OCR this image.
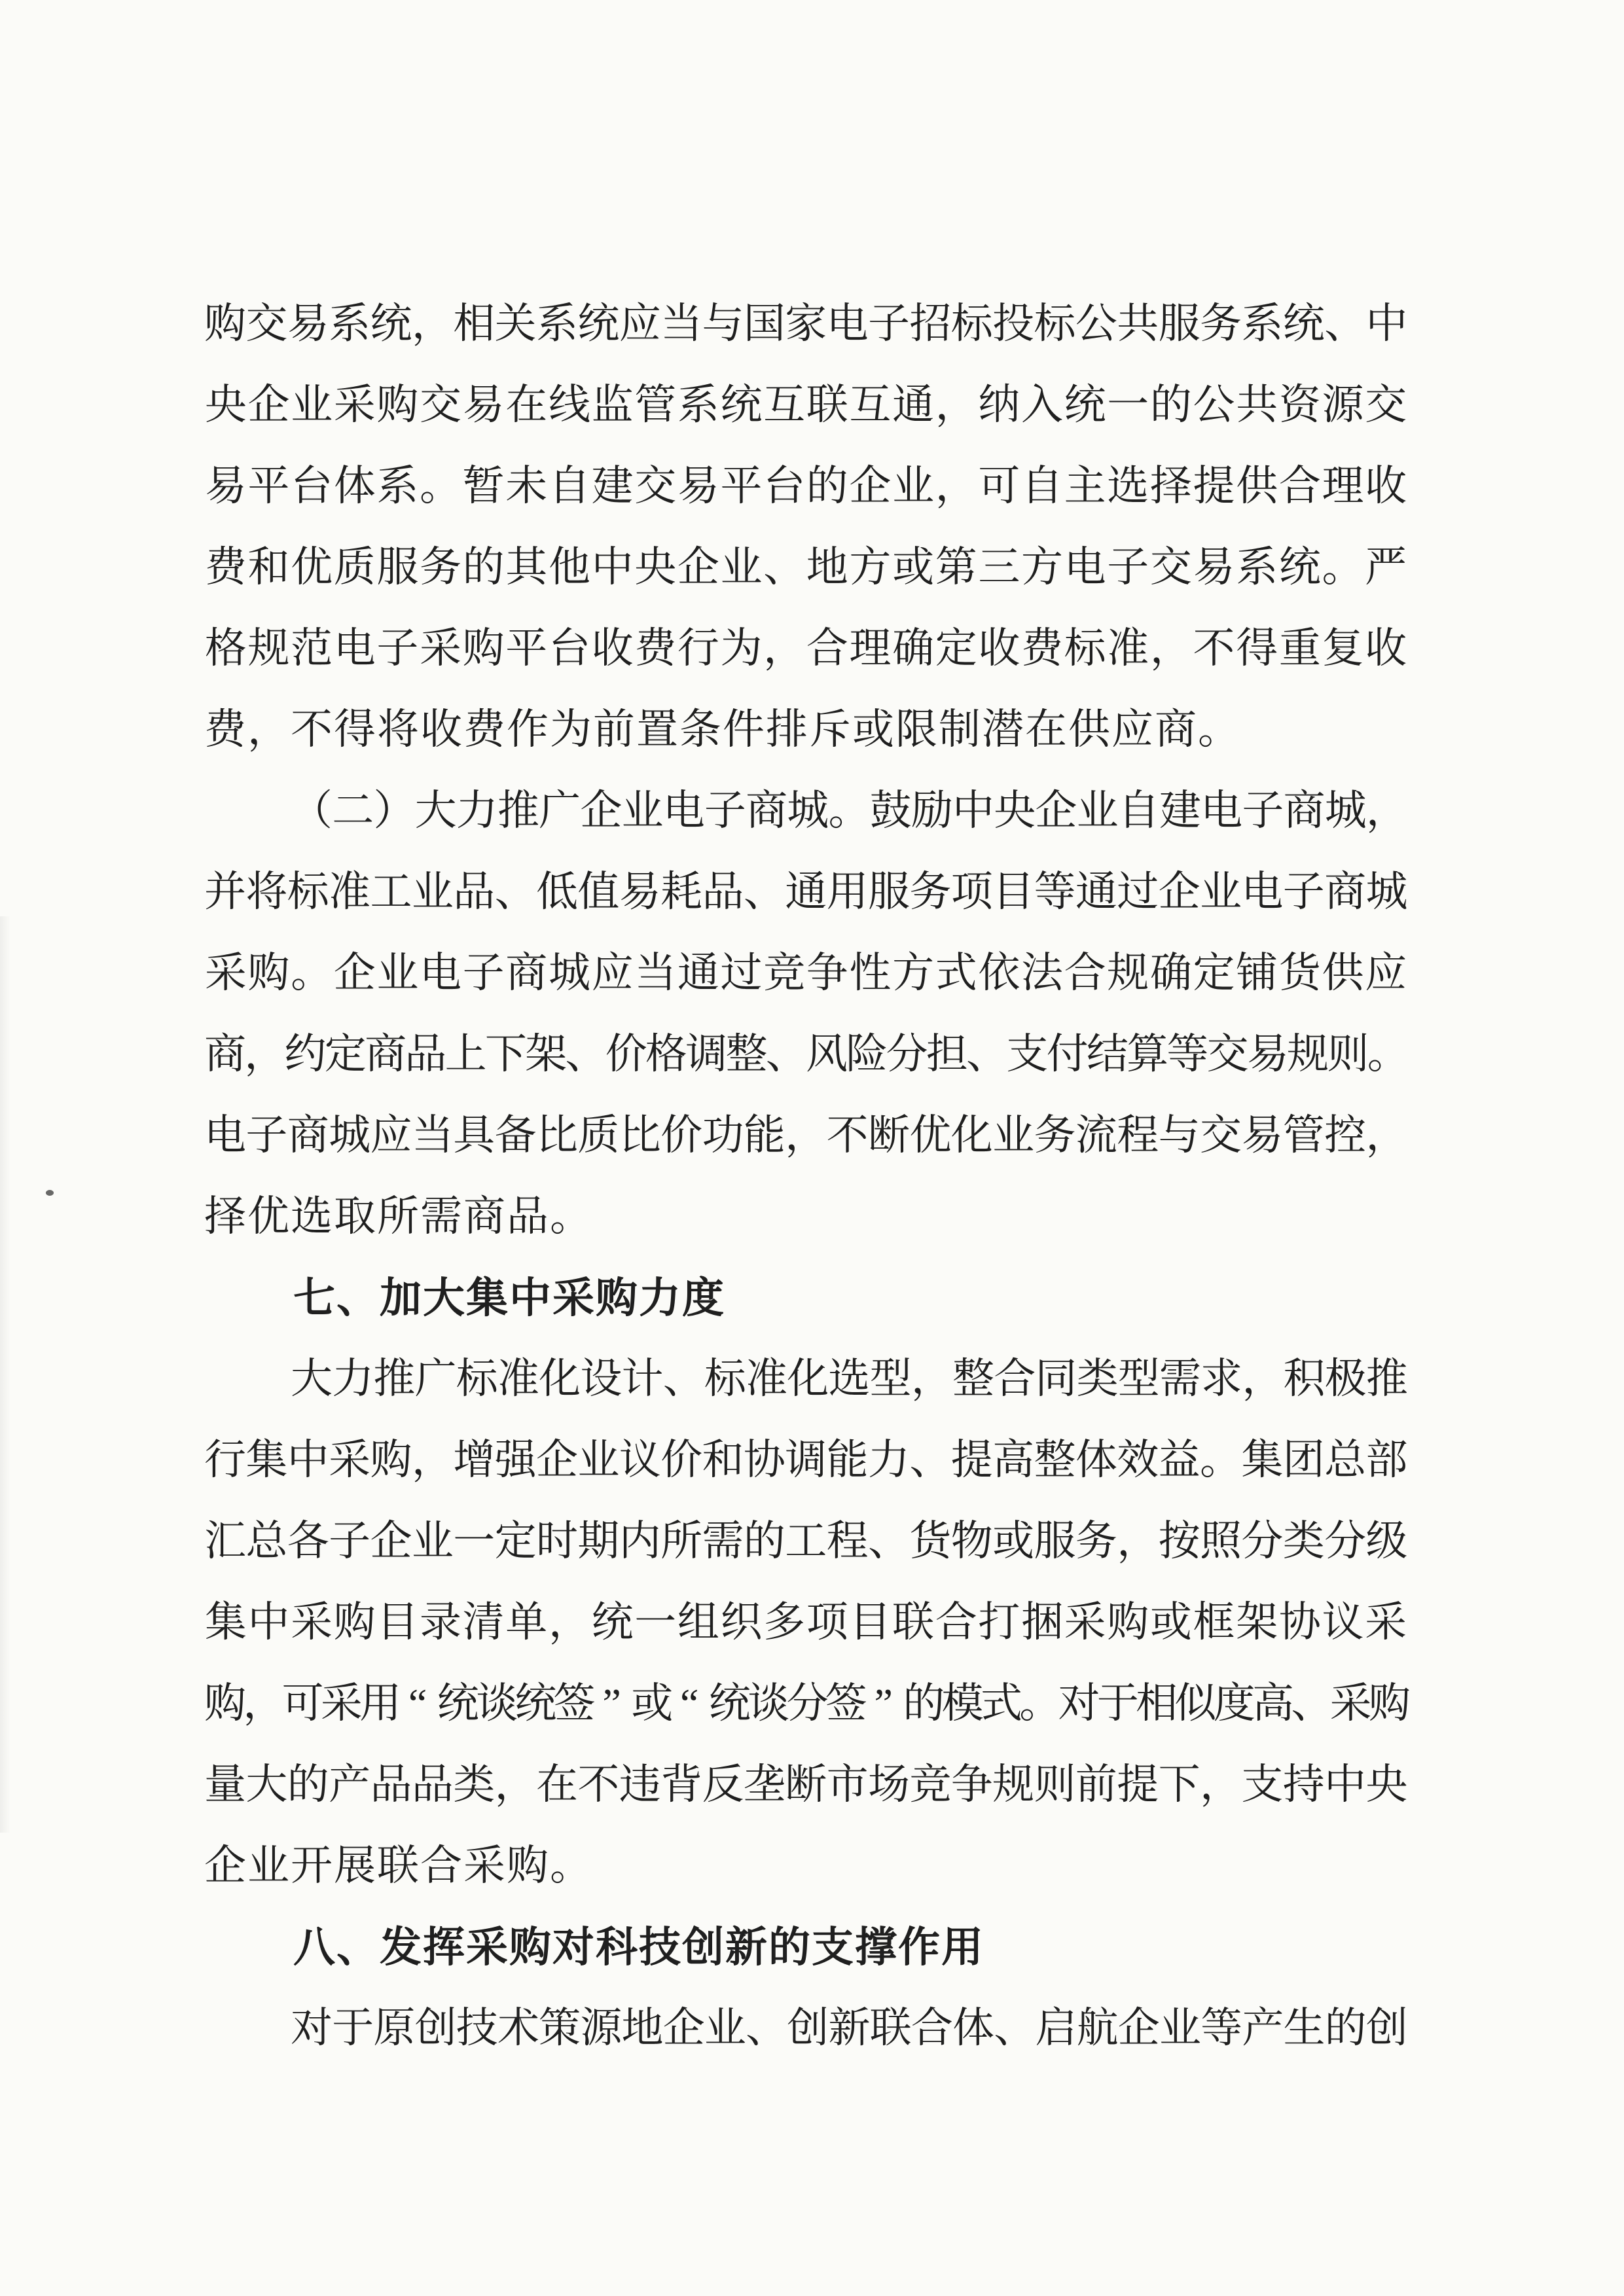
购 交 易 系 统 ， 相 关 系 统 应 当 与 国 家 电 子 招 标 投 标 公 共 服 务 系 统 、 中
央 企 业 采 购 交 易 在 线 监 管 系 统 互 联 互 通 ， 纳 入 统 一 的 公 共 资 源 交
易 平 台 体 系 。 暂 未 自 建 交 易 平 台 的 企 业 ， 可 自 主 选 择 提 供 合 理 收
费 和 优 质 服 务 的 其 他 中 央 企 业 、 地 方 或 第 三 方 电 子 交 易 系 统 。 严
格 规 范 电 子 采 购 平 台 收 费 行 为 ， 合 理 确 定 收 费 标 准 ， 不 得 重 复 收
费，不得将收费作为前置条件排斥或限制潜在供应商。
（ 二 ） 大 力 推 广 企 业 电 子 商 城 。 鼓 励 中 央 企 业 自 建 电 子 商 城 ，
并 将 标 准 工 业 品 、 低 值 易 耗 品 、 通 用 服 务 项 目 等 通 过 企 业 电 子 商 城
采 购 。 企 业 电 子 商 城 应 当 通 过 竞 争 性 方 式 依 法 合 规 确 定 铺 货 供 应
商
，
约
定
商
品
上
下
架
、
价
格
调
整
、
风
险
分
担
、
支
付
结
算
等
交
易
规
则
。
电 子 商 城 应 当 具 备 比 质 比 价 功 能 ， 不 断 优 化 业 务 流 程 与 交 易 管 控 ，
择优选取所需商品。
七、加大集中采购力度
大 力 推 广 标 准 化 设 计 、 标 准 化 选 型 ， 整 合 同 类 型 需 求 ， 积 极 推
行 集 中 采 购 ， 增 强 企 业 议 价 和 协 调 能 力 、 提 高 整 体 效 益 。 集 团 总 部
汇 总 各 子 企 业 一 定 时 期 内 所 需 的 工 程 、 货 物 或 服 务 ， 按 照 分 类 分 级
集 中 采 购 目 录 清 单 ， 统 一 组 织 多 项 目 联 合 打 捆 采 购 或 框 架 协 议 采
购
，
可
采
用 “ 统
谈
统
签 ” 或 “ 统
谈
分
签 ” 的
模
式
。
对
于
相
似
度
高
、
采
购
量 大 的 产 品 品 类 ， 在 不 违 背 反 垄 断 市 场 竞 争 规 则 前 提 下 ， 支 持 中 央
企业开展联合采购。
八、发挥采购对科技创新的支撑作用
对 于 原 创 技 术 策 源 地 企 业 、 创 新 联 合 体 、 启 航 企 业 等 产 生 的 创
